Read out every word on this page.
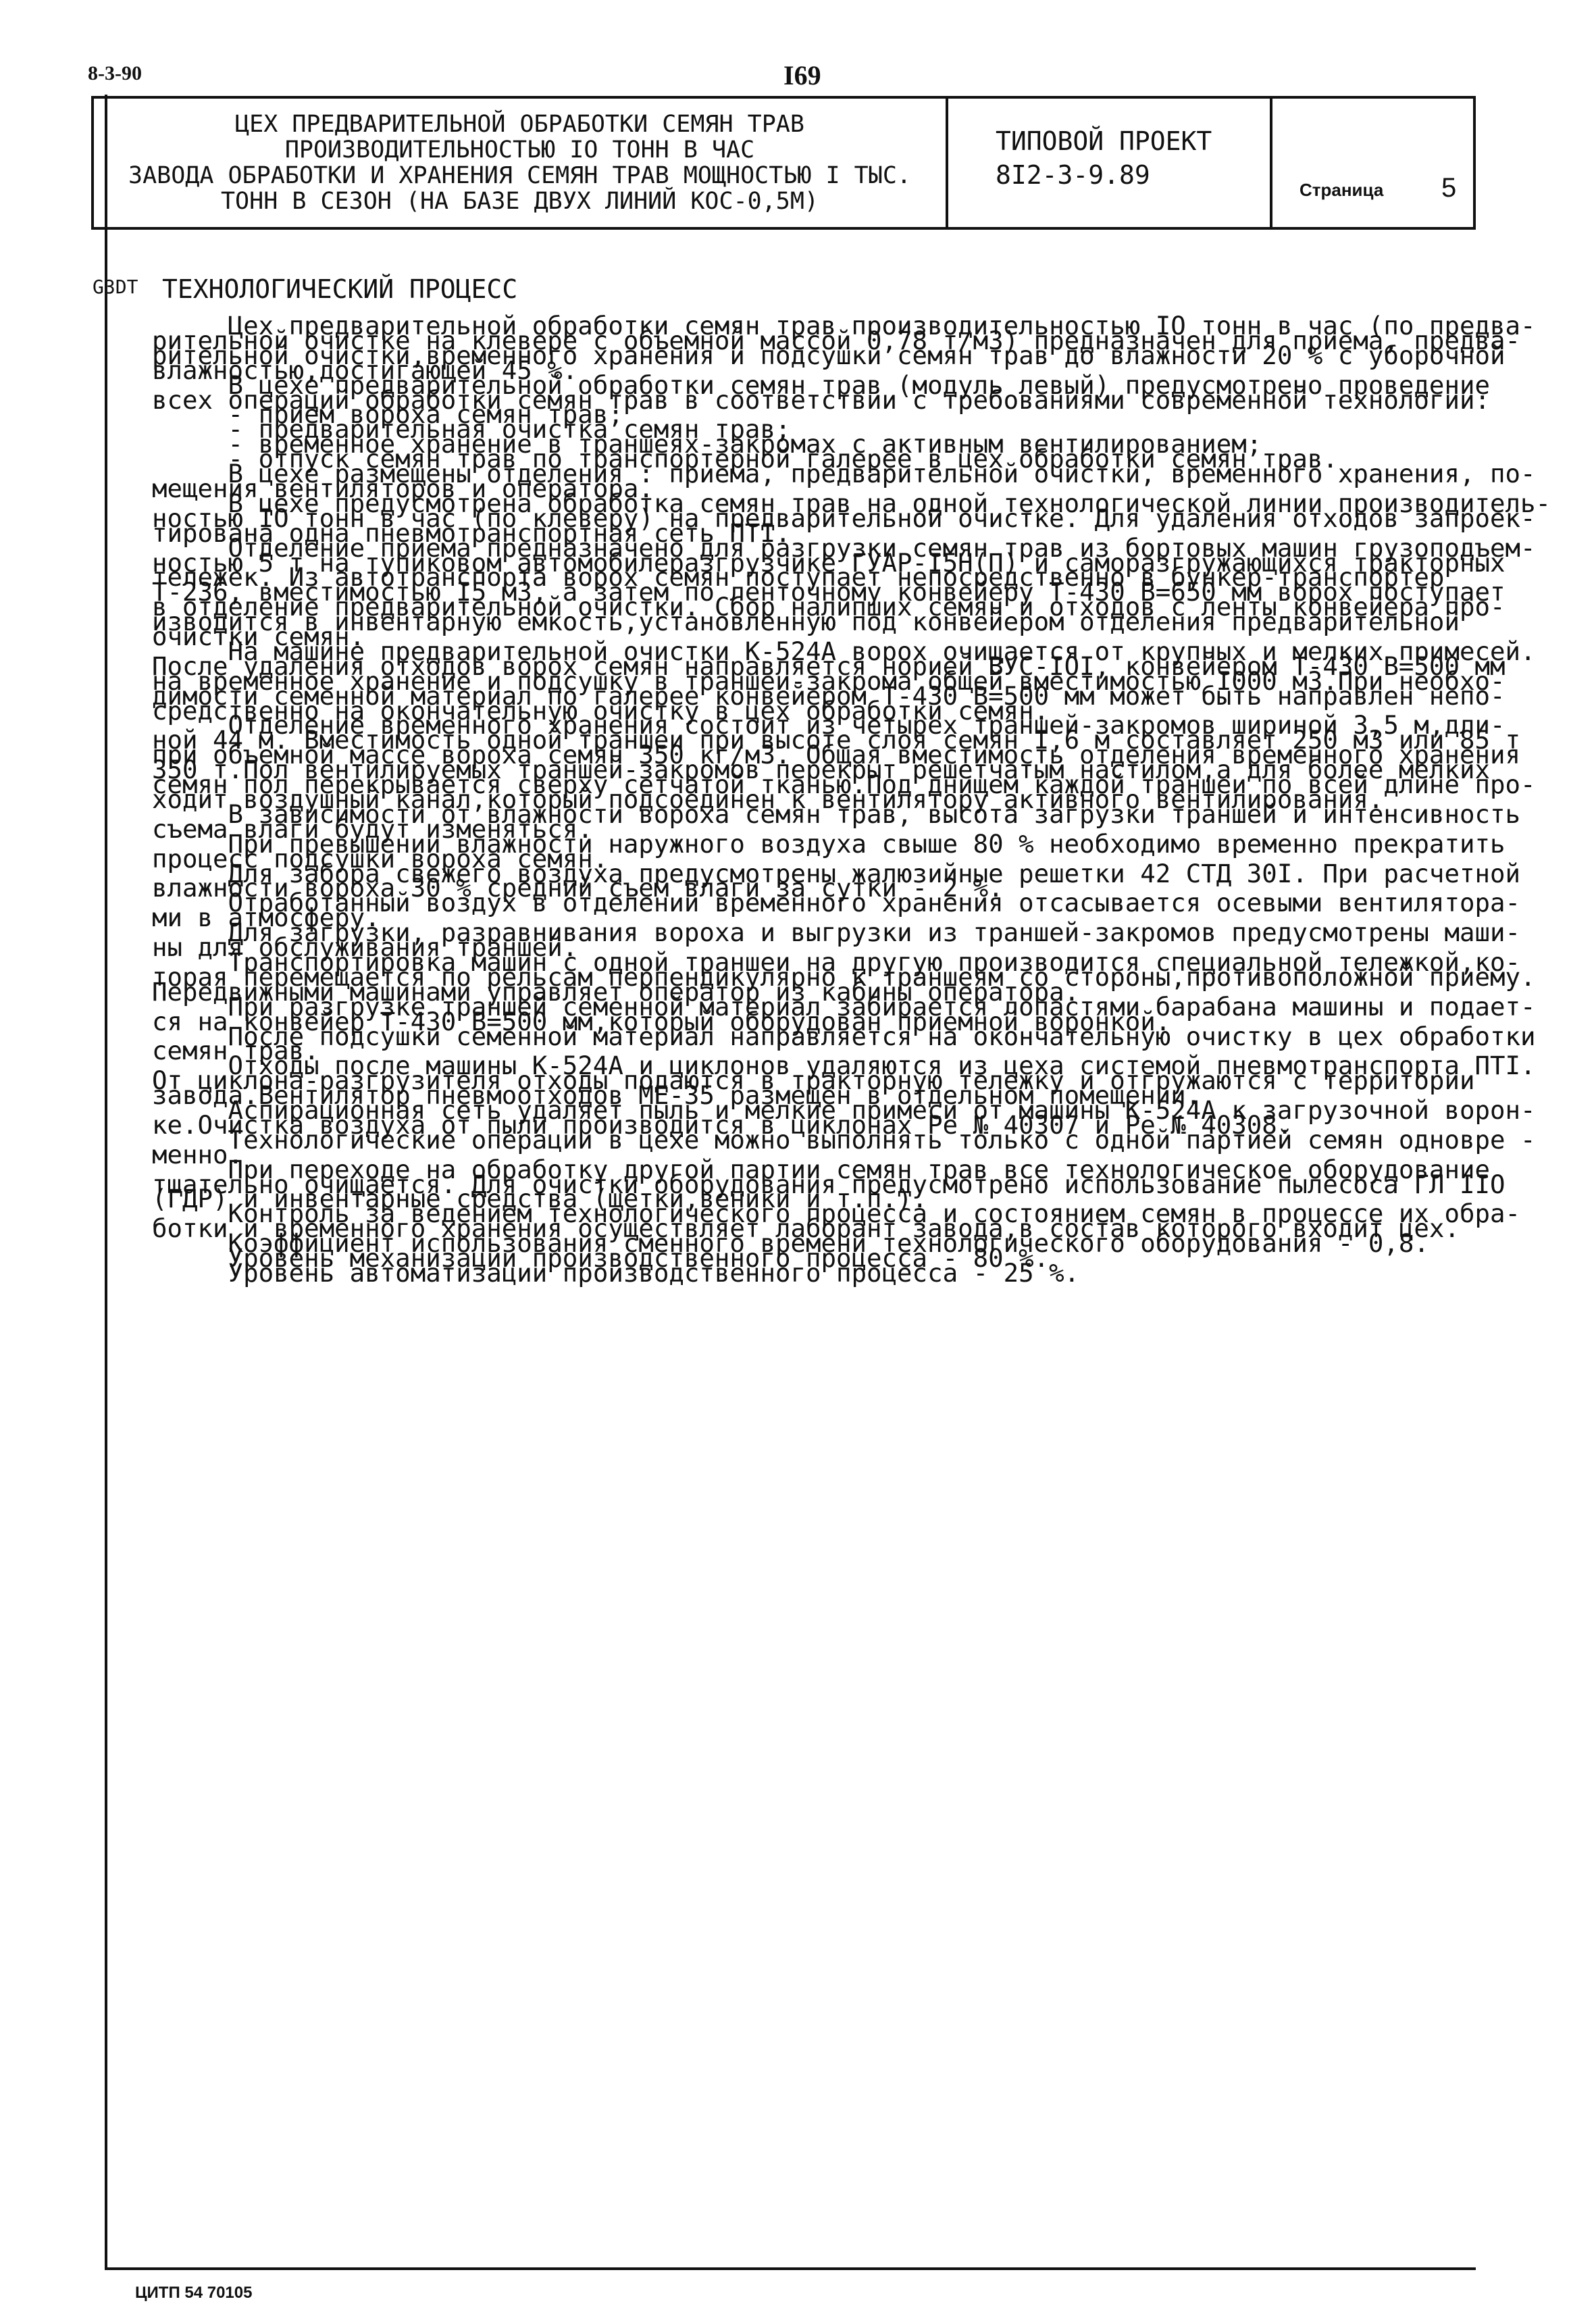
8-3-90	I69
ЦЕХ ПРЕДВАРИТЕЛЬНОЙ ОБРАБОТКИ СЕМЯН ТРАВ
ПРОИЗВОДИТЕЛЬНОСТЬЮ IO ТОНН В ЧАС
ЗАВОДА ОБРАБОТКИ И ХРАНЕНИЯ СЕМЯН ТРАВ МОЩНОСТЬЮ I ТЫС.
ТОНН В СЕЗОН (НА БАЗЕ ДВУХ ЛИНИЙ КОС-0,5М)
ТИПОВОЙ ПРОЕКТ
8I2-3-9.89	Страница 5
G3DT ТЕХНОЛОГИЧЕСКИЙ ПРОЦЕСС
Цех предварительной обработки семян трав производительностью IO тонн в час (по предва-
рительной очистке на клевере с объемной массой 0,78 т/м3) предназначен для приема, предва-
рительной очистки,временного хранения и подсушки семян трав до влажности 20 % с уборочной
влажностью,достигающей 45 %.
В цехе предварительной обработки семян трав (модуль левый) предусмотрено проведение
всех операций обработки семян трав в соответствии с требованиями современной технологии:
- прием вороха семян трав;
- предварительная очистка семян трав;
- временное хранение в траншеях-закромах с активным вентилированием;
- отпуск семян трав по транспортерной галерее в цех обработки семян трав.
В цехе размещены отделения : приема, предварительной очистки, временного хранения, по-
мещения вентиляторов и оператора.
В цехе предусмотрена обработка семян трав на одной технологической линии производитель-
ностью IO тонн в час (по клеверу) на предварительной очистке. Для удаления отходов запроек-
тирована одна пневмотранспортная сеть ПТI.
Отделение приема предназначено для разгрузки семян трав из бортовых машин грузоподъем-
ностью 5 т на тупиковом автомобилеразгрузчике ГУАР-I5Н(П) и саморазгружающихся тракторных
тележек. Из автотранспорта ворох семян поступает непосредственно в бункер-транспортер
Т-236, вместимостью I5 м3, а затем по ленточному конвейеру Т-430 В=650 мм ворох поступает
в отделение предварительной очистки. Сбор налипших семян и отходов с ленты конвейера про-
изводится в инвентарную емкость,установленную под конвейером отделения предварительной
очистки семян.
На машине предварительной очистки К-524А ворох очищается от крупных и мелких примесей.
После удаления отходов ворох семян направляется норией ВУС-IOI, конвейером Т-430 В=500 мм
на временное хранение и подсушку в траншеи-закрома общей вместимостью I000 м3.При необхо-
димости семенной материал по галерее конвейером Т-430 В=500 мм может быть направлен непо-
средственно на окончательную очистку в цех обработки семян.
Отделение временного хранения состоит из четырех траншей-закромов шириной 3,5 м,дли-
ной 44 м. Вместимость одной траншеи при высоте слоя семян I,6 м составляет 250 м3 или 85 т
при объемной массе вороха семян 350 кг/м3. Общая вместимость отделения временного хранения
350 т.Пол вентилируемых траншей-закромов перекрыт решетчатым настилом,а для более мелких
семян пол перекрывается сверху сетчатой тканью.Под днищем каждой траншеи по всей длине про-
ходит воздушный канал,который подсоединен к вентилятору активного вентилирования.
В зависимости от влажности вороха семян трав, высота загрузки траншей и интенсивность
съема влаги будут изменяться.
При превышении влажности наружного воздуха свыше 80 % необходимо временно прекратить
процесс подсушки вороха семян.
Для забора свежего воздуха предусмотрены жалюзийные решетки 42 СТД 30I. При расчетной
влажности вороха 30 % средний съем влаги за сутки - 2 %.
Отработанный воздух в отделении временного хранения отсасывается осевыми вентилятора-
ми в атмосферу.
Для загрузки, разравнивания вороха и выгрузки из траншей-закромов предусмотрены маши-
ны для обслуживания траншей.
Транспортировка машин с одной траншеи на другую производится специальной тележкой,ко-
торая перемещается по рельсам перпендикулярно к траншеям со стороны,противоположной приему.
Передвижными машинами управляет оператор из кабины оператора.
При разгрузке траншей семенной материал забирается лопастями барабана машины и подает-
ся на конвейер Т-430 В=500 мм,который оборудован приемной воронкой.
После подсушки семенной материал направляется на окончательную очистку в цех обработки
семян трав.
Отходы после машины К-524А и циклонов удаляются из цеха системой пневмотранспорта ПТI.
От циклона-разгрузителя отходы подаются в тракторную тележку и отгружаются с территории
завода.Вентилятор пневмоотходов МЕ-35 размещен в отдельном помещении.
Аспирационная сеть удаляет пыль и мелкие примеси от машины К-524А к загрузочной ворон-
ке.Очистка воздуха от пыли производится в циклонах Ре № 40307 и Ре № 40308.
Технологические операции в цехе можно выполнять только с одной партией семян одновре -
менно.
При переходе на обработку другой партии семян трав все технологическое оборудование
тщательно очищается. Для очистки оборудования предусмотрено использование пылесоса ГЛ IIO
(ГДР) и инвентарные средства (щетки,веники и т.п.).
Контроль за ведением технологического процесса и состоянием семян в процессе их обра-
ботки и временного хранения осуществляет лаборант завода,в состав которого входит цех.
Коэффициент использования сменного времени технологического оборудования - 0,8.
Уровень механизации производственного процесса - 80 %.
Уровень автоматизации производственного процесса - 25 %.
ЦИТП 54 70105
